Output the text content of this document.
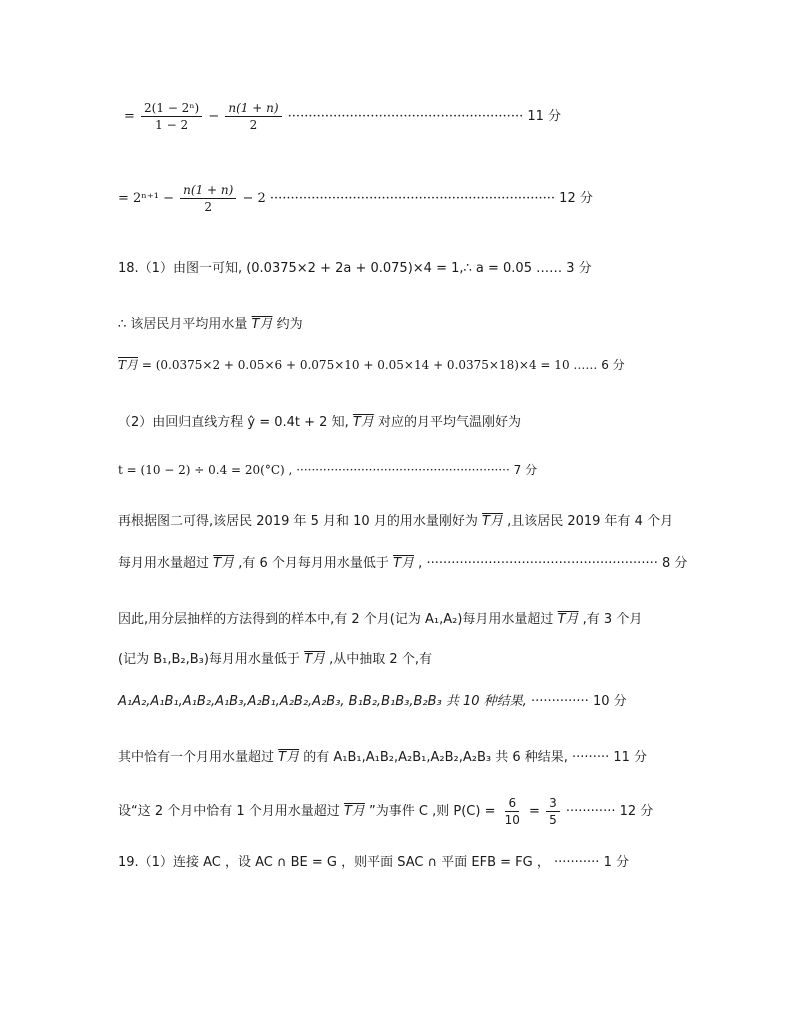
= $\frac{\text{2(1 − 2ⁿ)}}{1 - 2} - \frac{n(1 + n)}{2}$ ························································· 11 分
= $2^{n+1} - \frac{n(1 + n)}{2} - 2$ ····································································· 12 分
18.（1）由图一可知, (0.0375×2 + 2a + 0.075)×4 = 1,∴ a = 0.05 …… 3 分
∴ 该居民月平均用水量 T月 约为
T月 = (0.0375×2 + 0.05×6 + 0.075×10 + 0.05×14 + 0.0375×18)×4 = 10 …… 6 分
（2）由回归直线方程 ŷ = 0.4t + 2 知, T月 对应的月平均气温刚好为
t = (10 − 2) ÷ 0.4 = 20(°C) , ························································ 7 分
再根据图二可得,该居民 2019 年 5 月和 10 月的用水量刚好为 T月 ,且该居民 2019 年有 4 个月
每月用水量超过 T月 ,有 6 个月每月用水量低于 T月 , ························································ 8 分
因此,用分层抽样的方法得到的样本中,有 2 个月(记为 A₁,A₂)每月用水量超过 T月 ,有 3 个月
(记为 B₁,B₂,B₃)每月用水量低于 T月 ,从中抽取 2 个,有
A₁A₂,A₁B₁,A₁B₂,A₁B₃,A₂B₁,A₂B₂,A₂B₃, B₁B₂,B₁B₃,B₂B₃ 共 10 种结果, ·············· 10 分
其中恰有一个月用水量超过 T月 的有 A₁B₁,A₁B₂,A₂B₁,A₂B₂,A₂B₃ 共 6 种结果, ········· 11 分
设“这 2 个月中恰有 1 个月用水量超过 T月 ”为事件 C ,则 $P(C) = \frac{6}{10} = \frac{3}{5}$ ············ 12 分
19.（1）连接 AC ，设 AC ∩ BE = G ，则平面 SAC ∩ 平面 EFB = FG ， ··········· 1 分
